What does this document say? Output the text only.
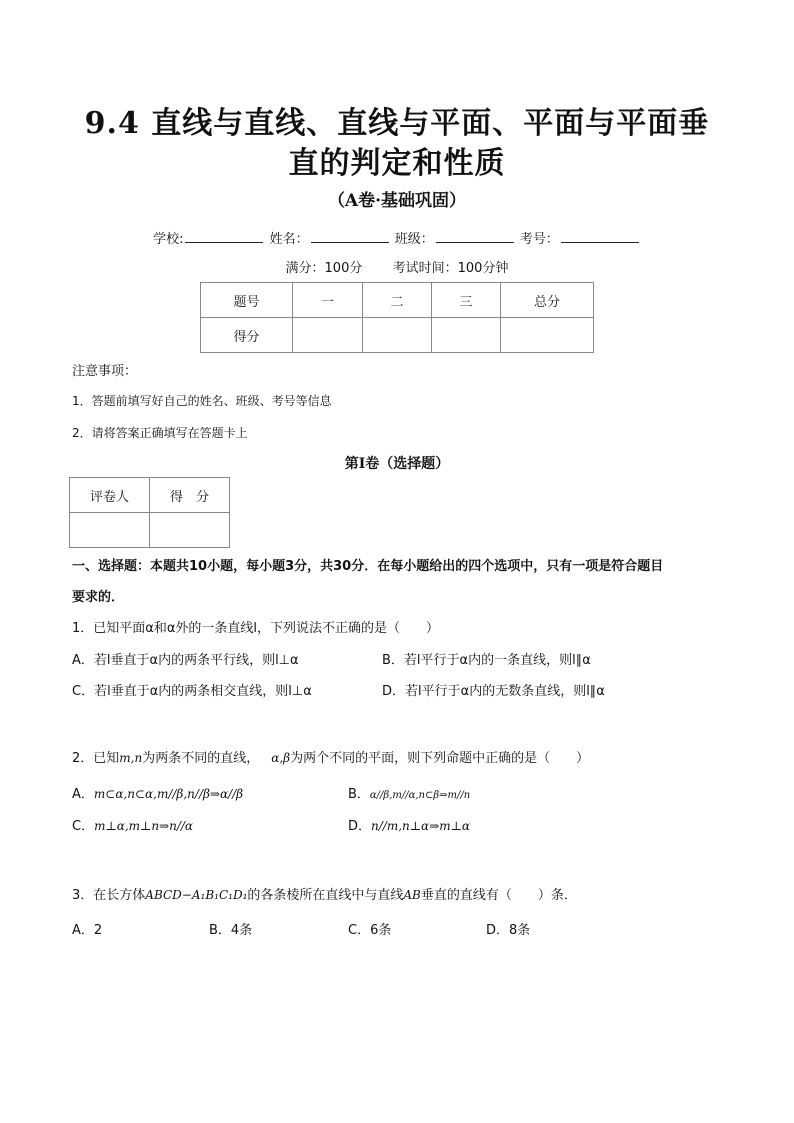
9.4 直线与直线、直线与平面、平面与平面垂
直的判定和性质
（A卷·基础巩固）
学校:	姓名：	班级：	考号：
满分：100分 考试时间：100分钟
题号	一	二	三	总分
得分				
注意事项：
1．答题前填写好自己的姓名、班级、考号等信息
2．请将答案正确填写在答题卡上
第I卷（选择题）
评卷人	得　分

一、选择题：本题共10小题，每小题3分，共30分．在每小题给出的四个选项中，只有一项是符合题目
要求的．
1．已知平面α和α外的一条直线l，下列说法不正确的是（　　）
A．若l垂直于α内的两条平行线，则l⊥α	B．若l平行于α内的一条直线，则l∥α
C．若l垂直于α内的两条相交直线，则l⊥α	D．若l平行于α内的无数条直线，则l∥α
2．已知m,n为两条不同的直线， α,β为两个不同的平面，则下列命题中正确的是（　　）
A．m⊂α,n⊂α,m//β,n//β⇒α//β	B．α//β,m//α,n⊂β⇒m//n
C．m⊥α,m⊥n⇒n//α	D．n//m,n⊥α⇒m⊥α
3．在长方体ABCD−A₁B₁C₁D₁的各条棱所在直线中与直线AB垂直的直线有（　　）条．
A．2	B．4条	C．6条	D．8条
